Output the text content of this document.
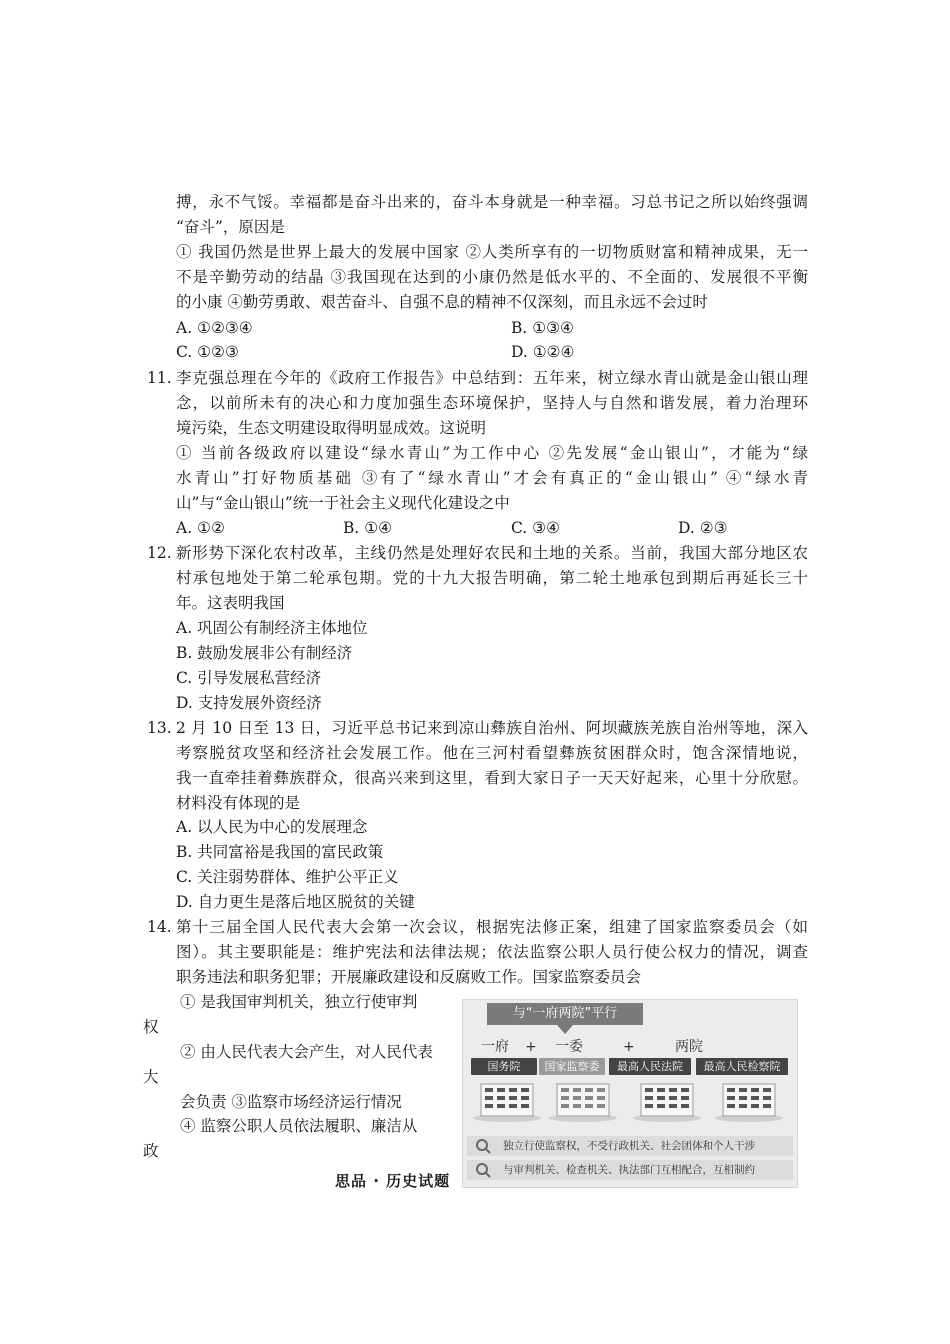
搏，永不气馁。幸福都是奋斗出来的，奋斗本身就是一种幸福。习总书记之所以始终强调
“奋斗”，原因是
① 我国仍然是世界上最大的发展中国家 ②人类所享有的一切物质财富和精神成果，无一
不是辛勤劳动的结晶 ③我国现在达到的小康仍然是低水平的、不全面的、发展很不平衡
的小康 ④勤劳勇敢、艰苦奋斗、自强不息的精神不仅深刻，而且永远不会过时
A. ①②③④	B. ①③④
C. ①②③	D. ①②④
11. 李克强总理在今年的《政府工作报告》中总结到：五年来，树立绿水青山就是金山银山理
念，以前所未有的决心和力度加强生态环境保护，坚持人与自然和谐发展，着力治理环
境污染，生态文明建设取得明显成效。这说明
① 当前各级政府以建设“绿水青山”为工作中心 ②先发展“金山银山”，才能为“绿
水青山”打好物质基础 ③有了“绿水青山”才会有真正的“金山银山” ④“绿水青
山”与“金山银山”统一于社会主义现代化建设之中
A. ①②	B. ①④	C. ③④	D. ②③
12. 新形势下深化农村改革，主线仍然是处理好农民和土地的关系。当前，我国大部分地区农
村承包地处于第二轮承包期。党的十九大报告明确，第二轮土地承包到期后再延长三十
年。这表明我国
A. 巩固公有制经济主体地位
B. 鼓励发展非公有制经济
C. 引导发展私营经济
D. 支持发展外资经济
13. 2 月 10 日至 13 日，习近平总书记来到凉山彝族自治州、阿坝藏族羌族自治州等地，深入
考察脱贫攻坚和经济社会发展工作。他在三河村看望彝族贫困群众时，饱含深情地说，
我一直牵挂着彝族群众，很高兴来到这里，看到大家日子一天天好起来，心里十分欣慰。
材料没有体现的是
A. 以人民为中心的发展理念
B. 共同富裕是我国的富民政策
C. 关注弱势群体、维护公平正义
D. 自力更生是落后地区脱贫的关键
14. 第十三届全国人民代表大会第一次会议，根据宪法修正案，组建了国家监察委员会（如
图）。其主要职能是：维护宪法和法律法规；依法监察公职人员行使公权力的情况，调查
职务违法和职务犯罪；开展廉政建设和反腐败工作。国家监察委员会
① 是我国审判机关，独立行使审判
权
② 由人民代表大会产生，对人民代表
大
会负责 ③监察市场经济运行情况
④ 监察公职人员依法履职、廉洁从
政
与“一府两院”平行
一府 + 一委	+	两院
国务院	国家监察委	最高人民法院	最高人民检察院
独立行使监察权，不受行政机关、社会团体和个人干涉
与审判机关、检查机关、执法部门互相配合，互相制约
思品 · 历史试题
